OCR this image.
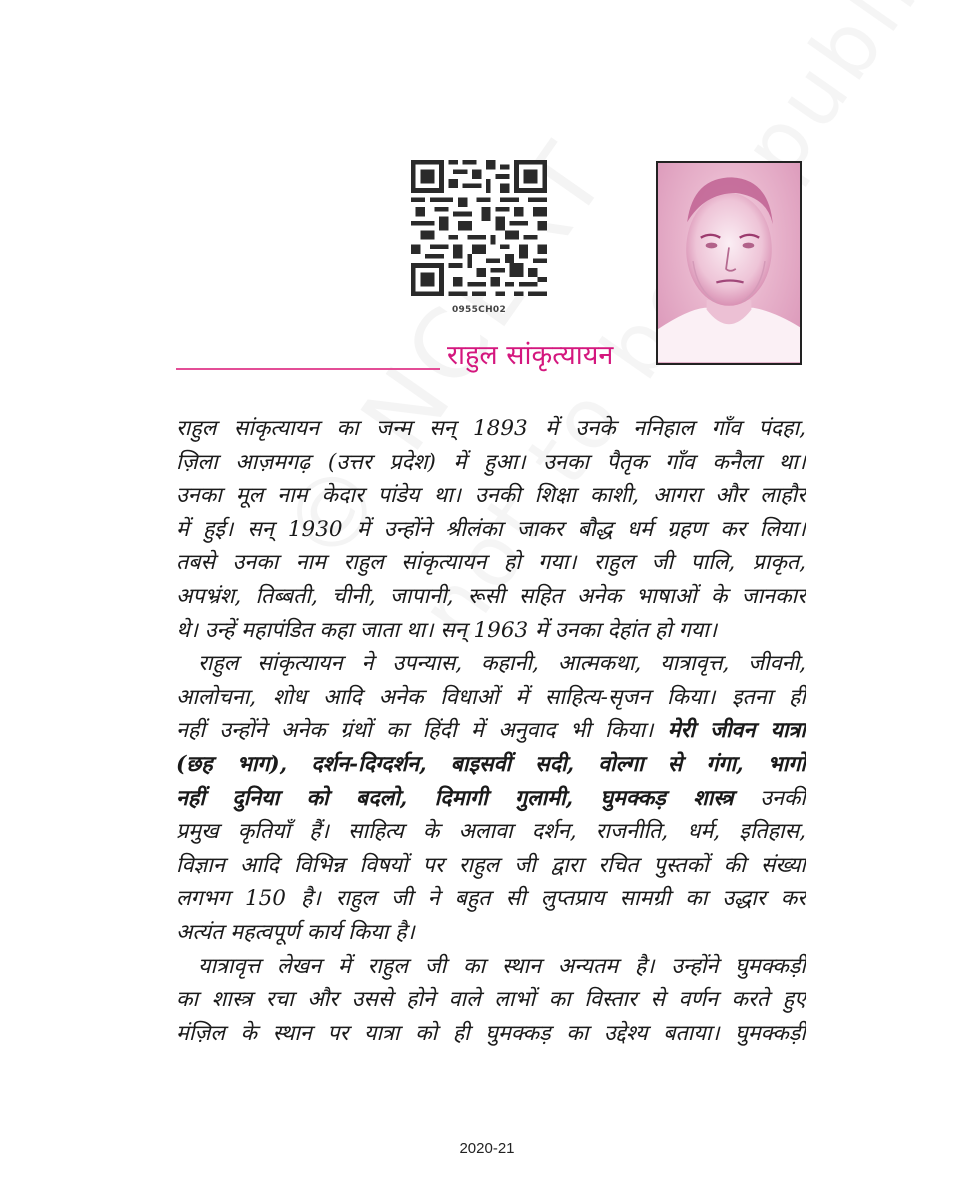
0955CH02
राहुल सांकृत्यायन

राहुल सांकृत्यायन का जन्म सन् 1893 में उनके ननिहाल गाँव पंदहा,
ज़िला आज़मगढ़ (उत्तर प्रदेश) में हुआ। उनका पैतृक गाँव कनैला था।
उनका मूल नाम केदार पांडेय था। उनकी शिक्षा काशी, आगरा और लाहौर
में हुई। सन् 1930 में उन्होंने श्रीलंका जाकर बौद्ध धर्म ग्रहण कर लिया।
तबसे उनका नाम राहुल सांकृत्यायन हो गया। राहुल जी पालि, प्राकृत,
अपभ्रंश, तिब्बती, चीनी, जापानी, रूसी सहित अनेक भाषाओं के जानकार
थे। उन्हें महापंडित कहा जाता था। सन् 1963 में उनका देहांत हो गया।

राहुल सांकृत्यायन ने उपन्यास, कहानी, आत्मकथा, यात्रावृत्त, जीवनी,
आलोचना, शोध आदि अनेक विधाओं में साहित्य-सृजन किया। इतना ही
नहीं उन्होंने अनेक ग्रंथों का हिंदी में अनुवाद भी किया। मेरी जीवन यात्रा
(छह भाग), दर्शन-दिग्दर्शन, बाइसवीं सदी, वोल्गा से गंगा, भागो
नहीं दुनिया को बदलो, दिमागी गुलामी, घुमक्कड़ शास्त्र उनकी
प्रमुख कृतियाँ हैं। साहित्य के अलावा दर्शन, राजनीति, धर्म, इतिहास,
विज्ञान आदि विभिन्न विषयों पर राहुल जी द्वारा रचित पुस्तकों की संख्या
लगभग 150 है। राहुल जी ने बहुत सी लुप्तप्राय सामग्री का उद्धार कर
अत्यंत महत्वपूर्ण कार्य किया है।

यात्रावृत्त लेखन में राहुल जी का स्थान अन्यतम है। उन्होंने घुमक्कड़ी
का शास्त्र रचा और उससे होने वाले लाभों का विस्तार से वर्णन करते हुए
मंज़िल के स्थान पर यात्रा को ही घुमक्कड़ का उद्देश्य बताया। घुमक्कड़ी

2020-21
